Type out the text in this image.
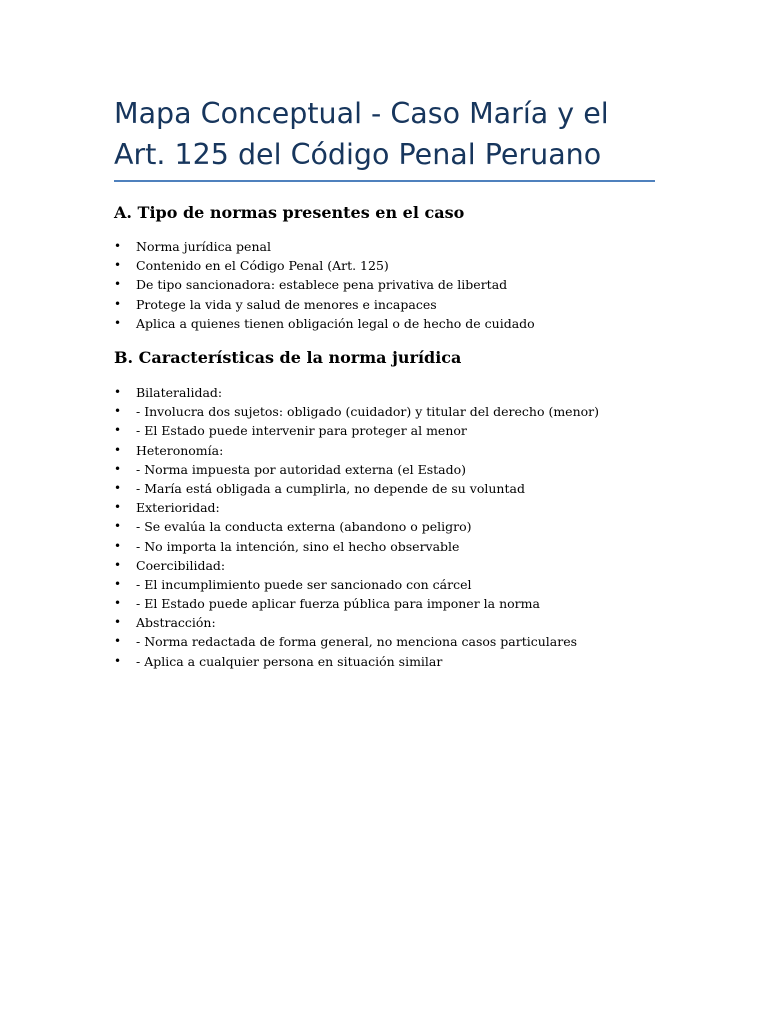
Mapa Conceptual - Caso María y el Art. 125 del Código Penal Peruano
A. Tipo de normas presentes en el caso
• Norma jurídica penal
• Contenido en el Código Penal (Art. 125)
• De tipo sancionadora: establece pena privativa de libertad
• Protege la vida y salud de menores e incapaces
• Aplica a quienes tienen obligación legal o de hecho de cuidado
B. Características de la norma jurídica
• Bilateralidad:
• - Involucra dos sujetos: obligado (cuidador) y titular del derecho (menor)
• - El Estado puede intervenir para proteger al menor
• Heteronomía:
• - Norma impuesta por autoridad externa (el Estado)
• - María está obligada a cumplirla, no depende de su voluntad
• Exterioridad:
• - Se evalúa la conducta externa (abandono o peligro)
• - No importa la intención, sino el hecho observable
• Coercibilidad:
• - El incumplimiento puede ser sancionado con cárcel
• - El Estado puede aplicar fuerza pública para imponer la norma
• Abstracción:
• - Norma redactada de forma general, no menciona casos particulares
• - Aplica a cualquier persona en situación similar
